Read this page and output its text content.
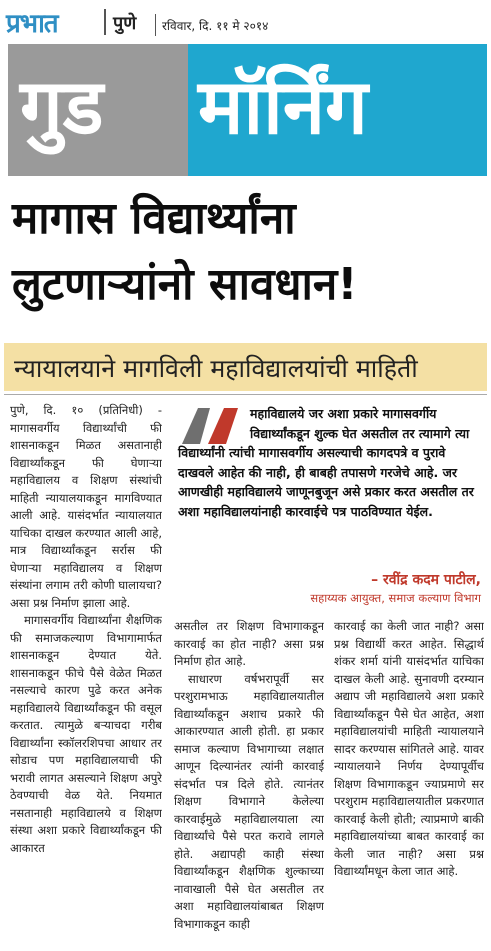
प्रभात	पुणे रविवार, दि. ११ मे २०१४
गुड मॉर्निंग
मागास विद्यार्थ्यांना
लुटणाऱ्यांनो सावधान!
न्यायालयाने मागविली महाविद्यालयांची माहिती

पुणे, दि. १० (प्रतिनिधी) - मागासवर्गीय विद्यार्थ्यांची फी शासनाकडून मिळत असतानाही विद्यार्थ्यांकडून फी घेणाऱ्या महाविद्यालय व शिक्षण संस्थांची माहिती न्यायालयाकडून मागविण्यात आली आहे. यासंदर्भात न्यायालयात याचिका दाखल करण्यात आली आहे, मात्र विद्यार्थ्यांकडून सर्रास फी घेणाऱ्या महाविद्यालय व शिक्षण संस्थांना लगाम तरी कोणी घालायचा? असा प्रश्न निर्माण झाला आहे.

मागासवर्गीय विद्यार्थ्यांना शैक्षणिक फी समाजकल्याण विभागामार्फत शासनाकडून देण्यात येते. शासनाकडून फीचे पैसे वेळेत मिळत नसल्याचे कारण पुढे करत अनेक महाविद्यालये विद्यार्थ्यांकडून फी वसूल करतात. त्यामुळे बऱ्याचदा गरीब विद्यार्थ्यांना स्कॉलरशिपचा आधार तर सोडाच पण महाविद्यालयाची फी भरावी लागत असल्याने शिक्षण अपुरे ठेवण्याची वेळ येते. नियमात नसतानाही महाविद्यालये व शिक्षण संस्था अशा प्रकारे विद्यार्थ्यांकडून फी आकारत

महाविद्यालये जर अशा प्रकारे मागासवर्गीय विद्यार्थ्यांकडून शुल्क घेत असतील तर त्यामागे त्या विद्यार्थ्यांनी त्यांची मागासवर्गीय असल्याची कागदपत्रे व पुरावे दाखवले आहेत की नाही, ही बाबही तपासणे गरजेचे आहे. जर आणखीही महाविद्यालये जाणूनबुजून असे प्रकार करत असतील तर अशा महाविद्यालयांनाही कारवाईचे पत्र पाठविण्यात येईल.
– रवींद्र कदम पाटील,
सहाय्यक आयुक्त, समाज कल्याण विभाग

असतील तर शिक्षण विभागाकडून कारवाई का होत नाही? असा प्रश्न निर्माण होत आहे.

साधारण वर्षभरापूर्वी सर परशुरामभाऊ महाविद्यालयातील विद्यार्थ्यांकडून अशाच प्रकारे फी आकारण्यात आली होती. हा प्रकार समाज कल्याण विभागाच्या लक्षात आणून दिल्यानंतर त्यांनी कारवाई संदर्भात पत्र दिले होते. त्यानंतर शिक्षण विभागाने केलेल्या कारवाईमुळे महाविद्यालयाला त्या विद्यार्थ्यांचे पैसे परत करावे लागले होते. अद्यापही काही संस्था विद्यार्थ्यांकडून शैक्षणिक शुल्काच्या नावाखाली पैसे घेत असतील तर अशा महाविद्यालयांबाबत शिक्षण विभागाकडून काही

कारवाई का केली जात नाही? असा प्रश्न विद्यार्थी करत आहेत. सिद्धार्थ शंकर शर्मा यांनी यासंदर्भात याचिका दाखल केली आहे. सुनावणी दरम्यान अद्याप जी महाविद्यालये अशा प्रकारे विद्यार्थ्यांकडून पैसे घेत आहेत, अशा महाविद्यालयांची माहिती न्यायालयाने सादर करण्यास सांगितले आहे. यावर न्यायालयाने निर्णय देण्यापूर्वीच शिक्षण विभागाकडून ज्याप्रमाणे सर परशुराम महाविद्यालयातील प्रकरणात कारवाई केली होती; त्याप्रमाणे बाकी महाविद्यालयांच्या बाबत कारवाई का केली जात नाही? असा प्रश्न विद्यार्थ्यांमधून केला जात आहे.
